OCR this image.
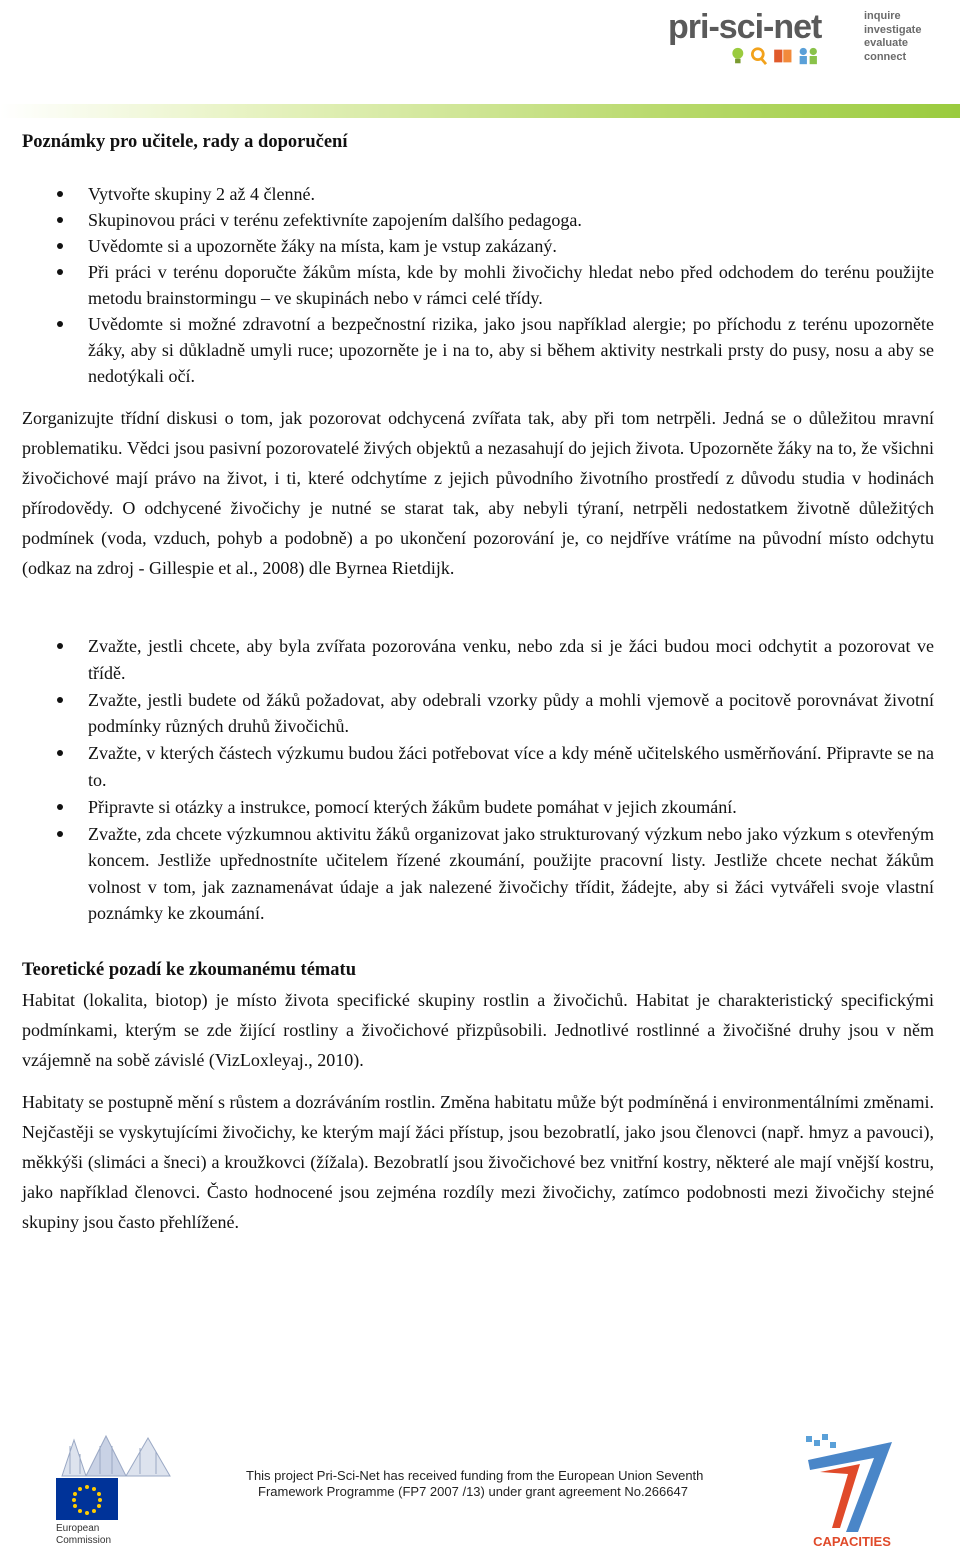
pri-sci-net	inquire
investigate
evaluate
connect
Poznámky pro učitele, rady a doporučení
Vytvořte skupiny 2 až 4 členné.
Skupinovou práci v terénu zefektivníte zapojením dalšího pedagoga.
Uvědomte si a upozorněte žáky na místa, kam je vstup zakázaný.
Při práci v terénu doporučte žákům místa, kde by mohli živočichy hledat nebo před odchodem do terénu použijte metodu brainstormingu – ve skupinách nebo v rámci celé třídy.
Uvědomte si možné zdravotní a bezpečnostní rizika, jako jsou například alergie; po příchodu z terénu upozorněte žáky, aby si důkladně umyli ruce; upozorněte je i na to, aby si během aktivity nestrkali prsty do pusy, nosu a aby se nedotýkali očí.

Zorganizujte třídní diskusi o tom, jak pozorovat odchycená zvířata tak, aby při tom netrpěli. Jedná se o důležitou mravní problematiku. Vědci jsou pasivní pozorovatelé živých objektů a nezasahují do jejich života. Upozorněte žáky na to, že všichni živočichové mají právo na život, i ti, které odchytíme z jejich původního životního prostředí z důvodu studia v hodinách přírodovědy. O odchycené živočichy je nutné se starat tak, aby nebyli týraní, netrpěli nedostatkem životně důležitých podmínek (voda, vzduch, pohyb a podobně) a po ukončení pozorování je, co nejdříve vrátíme na původní místo odchytu (odkaz na zdroj - Gillespie et al., 2008) dle Byrnea Rietdijk.

Zvažte, jestli chcete, aby byla zvířata pozorována venku, nebo zda si je žáci budou moci odchytit a pozorovat ve třídě.
Zvažte, jestli budete od žáků požadovat, aby odebrali vzorky půdy a mohli vjemově a pocitově porovnávat životní podmínky různých druhů živočichů.
Zvažte, v kterých částech výzkumu budou žáci potřebovat více a kdy méně učitelského usměrňování. Připravte se na to.
Připravte si otázky a instrukce, pomocí kterých žákům budete pomáhat v jejich zkoumání.
Zvažte, zda chcete výzkumnou aktivitu žáků organizovat jako strukturovaný výzkum nebo jako výzkum s otevřeným koncem. Jestliže upřednostníte učitelem řízené zkoumání, použijte pracovní listy. Jestliže chcete nechat žákům volnost v tom, jak zaznamenávat údaje a jak nalezené živočichy třídit, žádejte, aby si žáci vytvářeli svoje vlastní poznámky ke zkoumání.
Teoretické pozadí ke zkoumanému tématu

Habitat (lokalita, biotop) je místo života specifické skupiny rostlin a živočichů. Habitat je charakteristický specifickými podmínkami, kterým se zde žijící rostliny a živočichové přizpůsobili. Jednotlivé rostlinné a živočišné druhy jsou v něm vzájemně na sobě závislé (VizLoxleyaj., 2010).

Habitaty se postupně mění s růstem a dozráváním rostlin. Změna habitatu může být podmíněná i environmentálními změnami. Nejčastěji se vyskytujícími živočichy, ke kterým mají žáci přístup, jsou bezobratlí, jako jsou členovci (např. hmyz a pavouci), měkkýši (slimáci a šneci) a kroužkovci (žížala). Bezobratlí jsou živočichové bez vnitřní kostry, některé ale mají vnější kostru, jako například členovci. Často hodnocené jsou zejména rozdíly mezi živočichy, zatímco podobnosti mezi živočichy stejné skupiny jsou často přehlížené.

European
Commission
This project Pri-Sci-Net has received funding from the European Union Seventh
Framework Programme (FP7 2007 /13) under grant agreement No.266647
CAPACITIES
